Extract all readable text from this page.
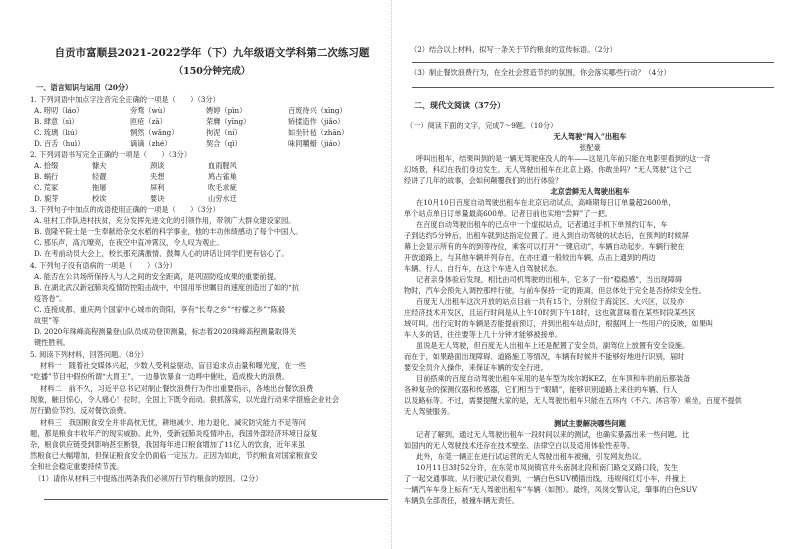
自贡市富顺县2021-2022学年（下）九年级语文学科第二次练习题
（150分钟完成）
一、语言知识与运用（20分）
1. 下列词语中加点字注音完全正确的一项是（　　）（3分）
A. 唠叨（láo）	旁骛（wù）	娉婷（pìn）	百废待兴（xīng）
B. 肆意（sì）	匝疮（zā）	荣膺（yīng）	矫揉造作（jiǎo）
C. 琉璃（liú）	惘然（wǎng）	拘泥（ní）	如坐针毡（zhān）
D. 百舌（huì）	谪谪（zhé）	契合（qì）	味同嚼蜡（jiáo）
2. 下列词语书写完全正确的一项是（　　）（3分）
A. 拾缀	慷夫	颈谈	血雨腥风
B. 蜗行	轻靓	夹想	鸠占雀巢
C. 荒冢	拖屠	屏利	吹毛求疵
D. 旎芽	校诶	要诀	山穷水迁
3. 下列句子中加点的成语使用正确的一项是（　　）（3分）
A. 驻村工作队进村扶贫，充分发挥先进文化的引领作用，带领广大群众建设家园。
B. 袁隆平院士是一生奉献给杂交水稻的科学事业，他的丰功伟绩感动了每个中国人。
C. 那乐声，高亢嘹亮，在夜空中直冲霄汉，令人叹为观止。
D. 在考前动员大会上，校长那充满激情、鼓舞人心的讲话让同学们更有信心了。
4. 下列句子没有语病的一项是（　　）（3分）
A. 能否在公共场所保持人与人之间的安全距离，是巩固防疫成果的重要前提。
B. 在湖北武汉新冠肺炎疫情防控阻击战中，中国用举世瞩目的速度创造出了如的“抗
疫答卷”。
C. 连接成都、重庆两个国家中心城市的资阳，享有“长寿之乡”“柠檬之乡”“陈毅
故里”等
D. 2020年珠峰高程测量登山队员成功登顶测量，标志着2020珠峰高程测量取得关
键性胜利。
5. 阅读下列材料，回答问题。（8分）
材料一　随着社交媒体兴起，少数人受利益驱动，盲目追求点击量和曝光度，在一些
“吃播”节目中假扮所谓“大胃王”，一边暴饮暴食一边哗中催吐，造成极大的浪费。
材料二　前不久，习近平总书记对制止餐饮浪费行为作出重要指示，各地出台餐饮浪费
现象，触目惊心，令人痛心！拉时，全国上下既令而动。狠抓落实，以光盘行动来学措施企业社会
厉行勤俭节约、反对餐饮浪费。
材料三　我国粮食安全并非高枕无忧，耕地减少、地力退化、减灾防灾能力不足等问
题，都是粮食丰收年产的现实威胁。此外，受新冠肺炎疫情冲击，我国外部经济环境日益复
杂，粮食供应链受到影响甚至断裂，我国每年进口粮食增加了11亿人的饮食，近年来虽
然粮食已大幅增加，但保证粮食安全仍面临一定压力。正因为如此，节约粮食对国家粮食安
全和社会稳定重要持续节流。
（1）请你从材料三中提炼出两条我们必须厉行节约粮食的原因。（2分）
（2）结合以上材料，拟写一条关于节约粮食的宣传标语。（2分）
（3）制止餐饮浪费行为，在全社会营造节约的氛围，你会落实哪些行动？（4分）
二、现代文阅读（37分）
（一）阅读下面的文字，完成7～9题。（10分）
无人驾驶“闯入”出租车
张配豪
呼叫出租车，结果叫到的是一辆无驾驶座没人的车——这是几年前只能在电影里看到的这一奇
幻场景，科幻在我们身边发生。无人驾驶出租车在北京上路，你敢坐吗？“无人驾驶”这个己
经讲了几年的故事，会如何颠覆我们的出行体验？
北京尝鲜无人驾驶出租车
在10月10日百度自动驾驶出租车在北京启动试点，高峰期每日订单量超2600单，
单个站点单日订单量最高600单。记者日前也实地“尝鲜”了一把。
在百度自动驾驶出租车的已点中一个虚拟站点，记者通过手机下单预约订车，车
子到达约5分钟后，出租车就到达指定位置了。进入到自动驾驶的状态后，在预判的时候屏
幕上会显示所有的车的到等待位，乘客可以打开“一键启动”，车辆自动起步。车辆行驶在
开放道路上，与其他车辆并列存在，在亦庄通一般较出车辆，点击上通到的两边
车辆、行人、自行车，在这个车进入自驾驶状态。
记者亲身体验后发现，相比由司机驾驶的出租车，它多了一份“稳稳感”，当出现障碍
物时，汽车会预先入调控那样行驶，与前车保持一定的距离，但总体处于完全是否持续安全性。
百度无人出租车这次开放的站点目前一共有15个，分别位于海淀区、大兴区，以及亦
庄经济技术开发区，且运行时间是从上午10时到下午18时，这也就意味着在某些时段某些区
域可叫。出行定时的车辆是否能提前预订，并到出租车站点时，根据网上一些用户的反映，如果叫
车人多的话，往往要等上几十分钟才能够被接单。
虽说是无人驾驶，但百度无人出租车上还是配置了安全员，副驾位上放置有安全设施。
而在于，如果路面出现障碍、道路施工等情况，车辆有时候并不能够好地进行识别，届时
要安全员介入操作，来保证车辆的安全行进。
目前搭乘的百度自动驾驶出租车采用的是车型为埃尔姆KEZ，在车顶和车的前后都装备
各种复杂的探测仪器和传感器，它们相当于“眼睛”，能够识别道路上来往的车辆、行人
以及路标等。不过，需要提醒大家的是，无人驾驶出租车只能在五环内（不六、沐宫等）乘坐，百度不提供
无人驾驶服务。
测试主要解决哪些问题
记者了解到，通过无人驾驶出租车一段时间以来的测试，也确实暴露出来一些问题。比
如国内的无人驾驶技术还存在技术壁垒、法律空白以及适用体验性差等。
此外，东莞一辆正在进行试运营的无人驾驶出租车被撞，引发网友热议。
10月11日3时52分许，在东莞市凤岗镇官井头南洞北段和南门路交叉路口段，发生
了一起交通事故。从行驶记录仪看到，一辆白色SUV横插出线，违规闯红灯小车，并撞上
一辆汽车车身上标有“无人驾驶出租车”车辆（如图）。最终，凤岗交警认定，肇事的白色SUV
车辆负全部责任，被撞车辆无责任。
